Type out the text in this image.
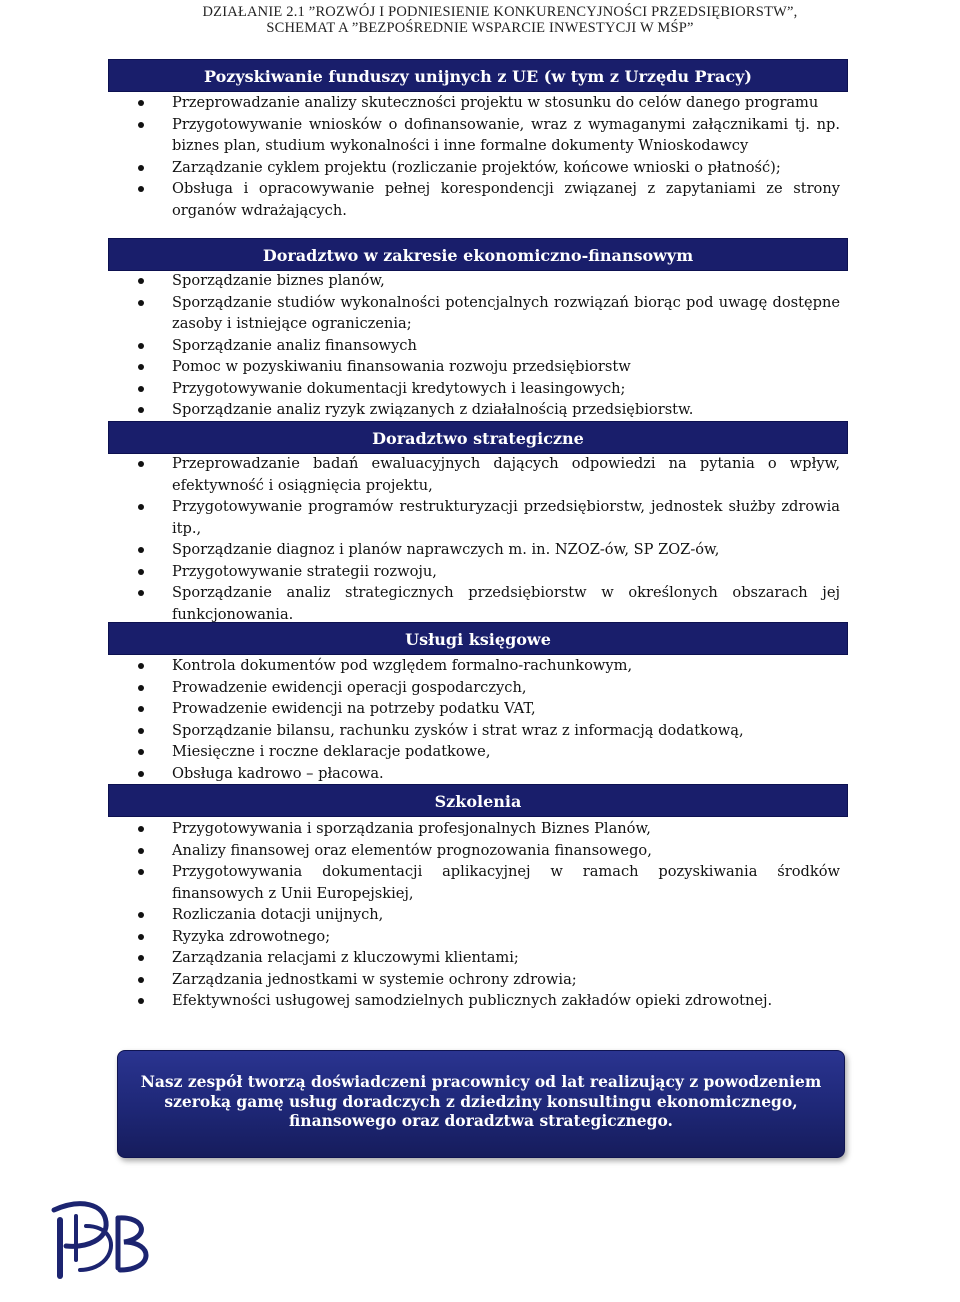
DZIAŁANIE 2.1 ”ROZWÓJ I PODNIESIENIE KONKURENCYJNOŚCI PRZEDSIĘBIORSTW”,
SCHEMAT A ”BEZPOŚREDNIE WSPARCIE INWESTYCJI W MŚP”
Pozyskiwanie funduszy unijnych z UE (w tym z Urzędu Pracy)
Przeprowadzanie analizy skuteczności projektu w stosunku do celów danego programu
Przygotowywanie wniosków o dofinansowanie, wraz z wymaganymi załącznikami tj. np. biznes plan, studium wykonalności i inne formalne dokumenty Wnioskodawcy
Zarządzanie cyklem projektu (rozliczanie projektów, końcowe wnioski o płatność);
Obsługa i opracowywanie pełnej korespondencji związanej z zapytaniami ze strony organów wdrażających.
Doradztwo w zakresie ekonomiczno-finansowym
Sporządzanie biznes planów,
Sporządzanie studiów wykonalności potencjalnych rozwiązań biorąc pod uwagę dostępne zasoby i istniejące ograniczenia;
Sporządzanie analiz finansowych
Pomoc w pozyskiwaniu finansowania rozwoju przedsiębiorstw
Przygotowywanie dokumentacji kredytowych i leasingowych;
Sporządzanie analiz ryzyk związanych z działalnością przedsiębiorstw.
Doradztwo strategiczne
Przeprowadzanie badań ewaluacyjnych dających odpowiedzi na pytania o wpływ, efektywność i osiągnięcia projektu,
Przygotowywanie programów restrukturyzacji przedsiębiorstw, jednostek służby zdrowia itp.,
Sporządzanie diagnoz i planów naprawczych m. in. NZOZ-ów, SP ZOZ-ów,
Przygotowywanie strategii rozwoju,
Sporządzanie analiz strategicznych przedsiębiorstw w określonych obszarach jej funkcjonowania.
Usługi księgowe
Kontrola dokumentów pod względem formalno-rachunkowym,
Prowadzenie ewidencji operacji gospodarczych,
Prowadzenie ewidencji na potrzeby podatku VAT,
Sporządzanie bilansu, rachunku zysków i strat wraz z informacją dodatkową,
Miesięczne i roczne deklaracje podatkowe,
Obsługa kadrowo – płacowa.
Szkolenia
Przygotowywania i sporządzania profesjonalnych Biznes Planów,
Analizy finansowej oraz elementów prognozowania finansowego,
Przygotowywania dokumentacji aplikacyjnej w ramach pozyskiwania środków finansowych z Unii Europejskiej,
Rozliczania dotacji unijnych,
Ryzyka zdrowotnego;
Zarządzania relacjami z kluczowymi klientami;
Zarządzania jednostkami w systemie ochrony zdrowia;
Efektywności usługowej samodzielnych publicznych zakładów opieki zdrowotnej.
Nasz zespół tworzą doświadczeni pracownicy od lat realizujący z powodzeniem szeroką gamę usług doradczych z dziedziny konsultingu ekonomicznego, finansowego oraz doradztwa strategicznego.
